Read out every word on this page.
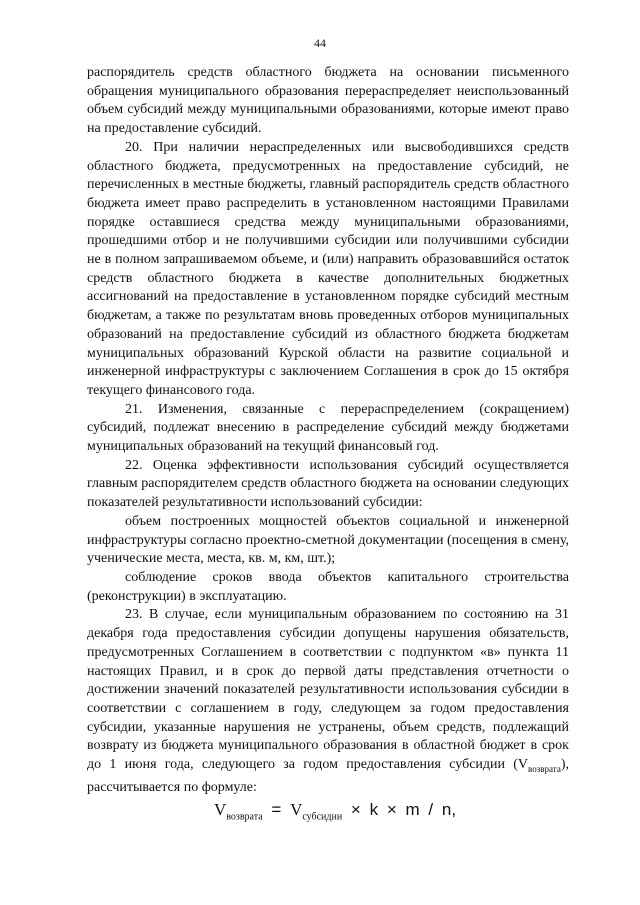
44

распорядитель средств областного бюджета на основании письменного обращения муниципального образования перераспределяет неиспользованный объем субсидий между муниципальными образованиями, которые имеют право на предоставление субсидий.

20. При наличии нераспределенных или высвободившихся средств областного бюджета, предусмотренных на предоставление субсидий, не перечисленных в местные бюджеты, главный распорядитель средств областного бюджета имеет право распределить в установленном настоящими Правилами порядке оставшиеся средства между муниципальными образованиями, прошедшими отбор и не получившими субсидии или получившими субсидии не в полном запрашиваемом объеме, и (или) направить образовавшийся остаток средств областного бюджета в качестве дополнительных бюджетных ассигнований на предоставление в установленном порядке субсидий местным бюджетам, а также по результатам вновь проведенных отборов муниципальных образований на предоставление субсидий из областного бюджета бюджетам муниципальных образований Курской области на развитие социальной и инженерной инфраструктуры с заключением Соглашения в срок до 15 октября текущего финансового года.

21. Изменения, связанные с перераспределением (сокращением) субсидий, подлежат внесению в распределение субсидий между бюджетами муниципальных образований на текущий финансовый год.

22. Оценка эффективности использования субсидий осуществляется главным распорядителем средств областного бюджета на основании следующих показателей результативности использований субсидии:

объем построенных мощностей объектов социальной и инженерной инфраструктуры согласно проектно-сметной документации (посещения в смену, ученические места, места, кв. м, км, шт.);

соблюдение сроков ввода объектов капитального строительства (реконструкции) в эксплуатацию.

23. В случае, если муниципальным образованием по состоянию на 31 декабря года предоставления субсидии допущены нарушения обязательств, предусмотренных Соглашением в соответствии с подпунктом «в» пункта 11 настоящих Правил, и в срок до первой даты представления отчетности о достижении значений показателей результативности использования субсидии в соответствии с соглашением в году, следующем за годом предоставления субсидии, указанные нарушения не устранены, объем средств, подлежащий возврату из бюджета муниципального образования в областной бюджет в срок до 1 июня года, следующего за годом предоставления субсидии $(V_{возврата})$, рассчитывается по формуле:

$V_{возврата} = V_{субсидии} \times k \times m / n$,
